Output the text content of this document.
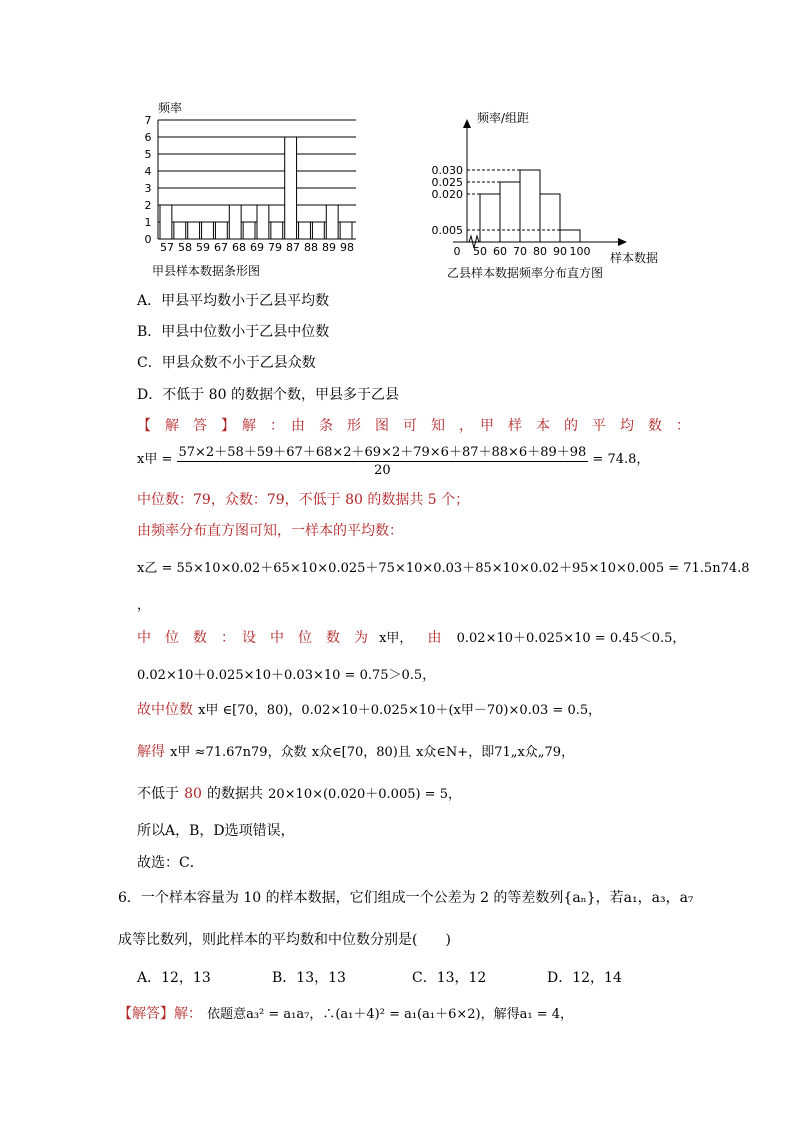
频率
0
1
2
3
4
5
6
7
57 58 59 67 68 69 79 87 88 89 98
甲县样本数据条形图
频率/组距
0.030
0.025
0.020
0.005
0 50 60 70 80 90 100 样本数据
乙县样本数据频率分布直方图
A．甲县平均数小于乙县平均数
B．甲县中位数小于乙县中位数
C．甲县众数不小于乙县众数
D．不低于 80 的数据个数，甲县多于乙县
【　解　答　】　解　：　由　条　形　图　可　知　，　甲　样　本　的　平　均　数　：
x甲 = $\frac{57\times 2+58+59+67+68\times 2+69\times 2+79\times 6+87+88\times 6+89+98}{20} = 74.8$，
中位数：79，众数：79，不低于 80 的数据共 5 个；
由频率分布直方图可知，一样本的平均数：
x乙 = 55×10×0.02＋65×10×0.025＋75×10×0.03＋85×10×0.02＋95×10×0.005 = 71.5n74.8
，
中　位　数　：　设　中　位　数　为 x甲， 由 0.02×10＋0.025×10 = 0.45＜0.5，
0.02×10＋0.025×10＋0.03×10 = 0.75＞0.5，
故中位数 x甲 ∈[70，80)，0.02×10＋0.025×10＋(x甲－70)×0.03 = 0.5，
解得 x甲 ≈71.67n79，众数 x众∈[70，80)且 x众∈N+，即71„x众„79，
不低于 80 的数据共 20×10×(0.020＋0.005) = 5，
所以A，B，D选项错误，
故选：C．
6．一个样本容量为 10 的样本数据，它们组成一个公差为 2 的等差数列{aₙ}，若a₁，a₃，a₇
成等比数列，则此样本的平均数和中位数分别是(　　)
A．12，13	B．13，13	C．13，12	D．12，14
【解答】解： 依题意a₃² = a₁a₇，∴(a₁＋4)² = a₁(a₁＋6×2)，解得a₁ = 4，
